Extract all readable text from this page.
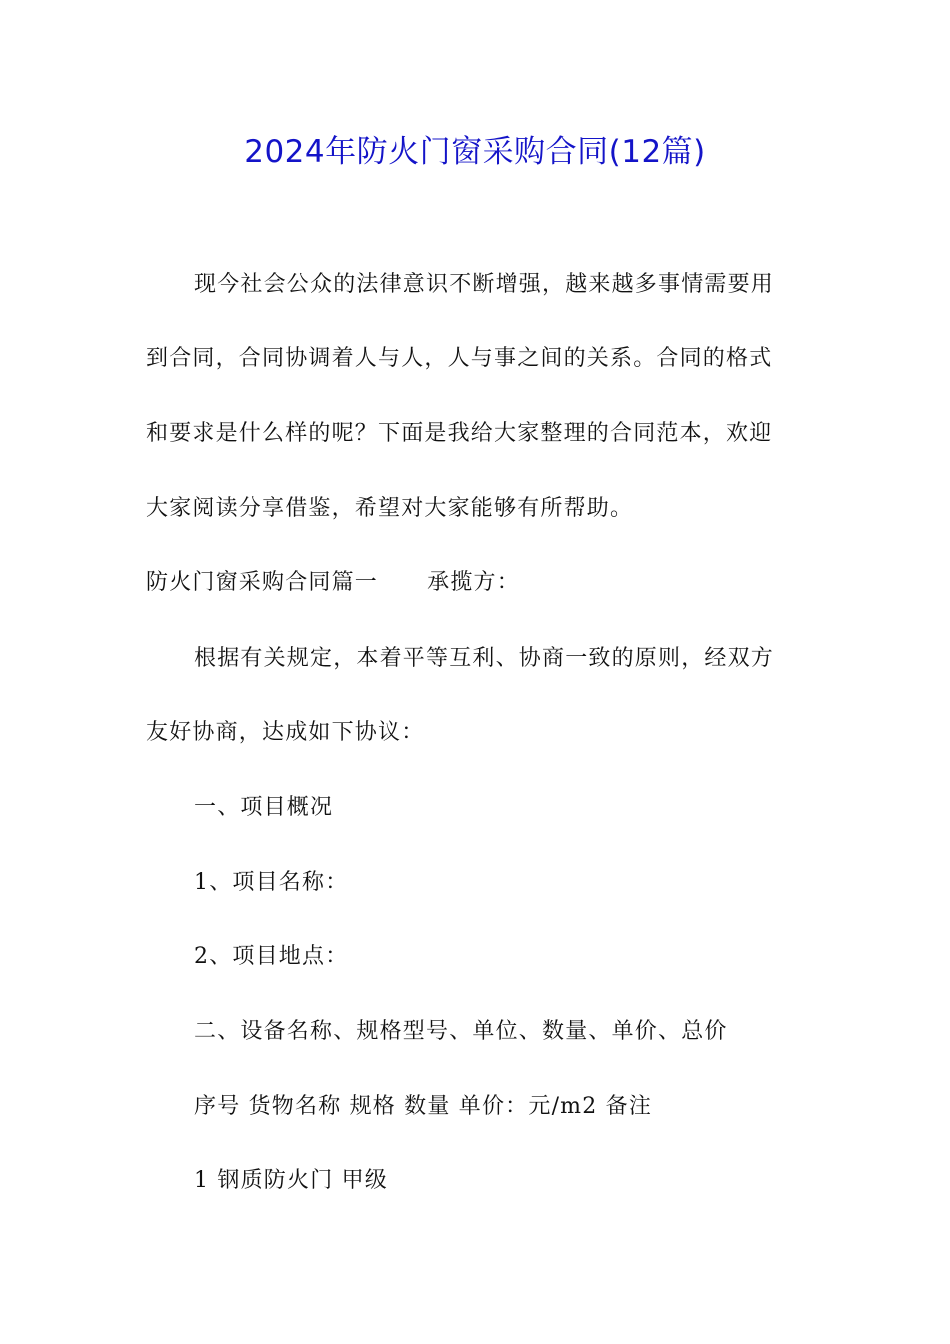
2024年防火门窗采购合同(12篇)
现今社会公众的法律意识不断增强，越来越多事情需要用
到合同，合同协调着人与人，人与事之间的关系。合同的格式
和要求是什么样的呢？下面是我给大家整理的合同范本，欢迎
大家阅读分享借鉴，希望对大家能够有所帮助。
防火门窗采购合同篇一      承揽方：
根据有关规定，本着平等互利、协商一致的原则，经双方
友好协商，达成如下协议：
一、项目概况
1、项目名称：
2、项目地点：
二、设备名称、规格型号、单位、数量、单价、总价
序号 货物名称 规格 数量 单价：元/m2 备注
1 钢质防火门 甲级
